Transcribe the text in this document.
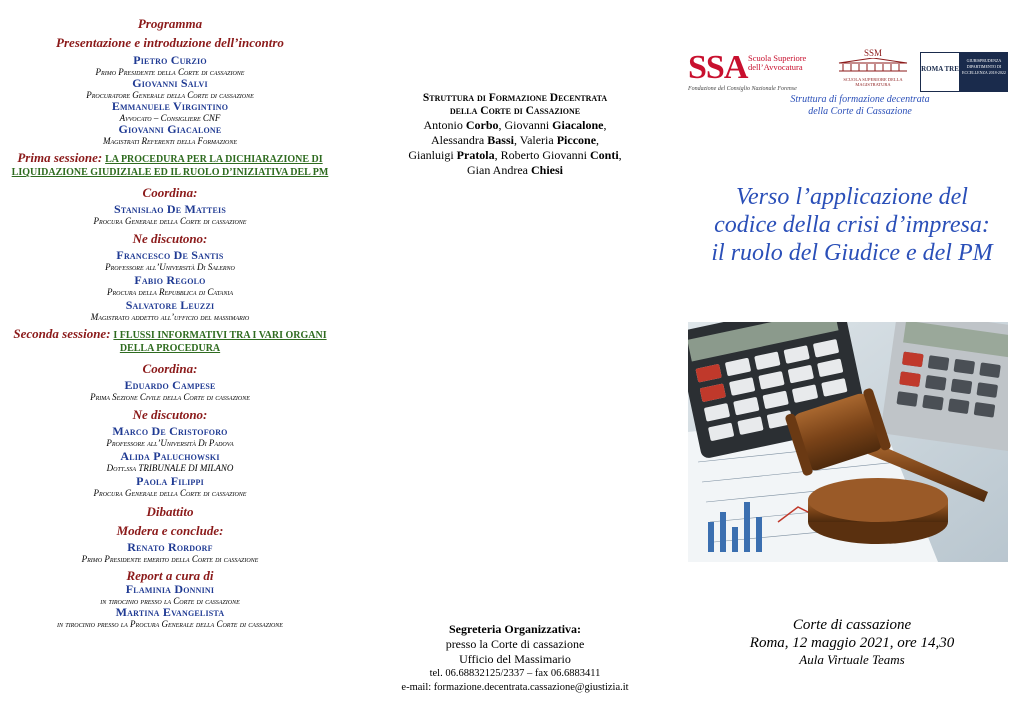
Programma
Presentazione e introduzione dell’incontro
Pietro Curzio
Primo Presidente della Corte di cassazione
Giovanni Salvi
Procuratore Generale della Corte di cassazione
Emmanuele Virgintino
Avvocato – Consigliere CNF
Giovanni Giacalone
Magistrati Referenti della Formazione
Prima sessione: LA PROCEDURA PER LA DICHIARAZIONE DI LIQUIDAZIONE GIUDIZIALE ED IL RUOLO D’INIZIATIVA DEL PM
Coordina:
Stanislao De Matteis
Procura Generale della Corte di cassazione
Ne discutono:
Francesco De Santis
Professore all’Università Di Salerno
Fabio Regolo
Procura della Repubblica di Catania
Salvatore Leuzzi
Magistrato addetto all’ufficio del massimario
Seconda sessione: I FLUSSI INFORMATIVI TRA I VARI ORGANI DELLA PROCEDURA
Coordina:
Eduardo Campese
Prima Sezione Civile della Corte di cassazione
Ne discutono:
Marco De Cristoforo
Professore all’Università Di Padova
Alida Paluchowski
Dott.ssa TRIBUNALE DI MILANO
Paola Filippi
Procura Generale della Corte di cassazione
Dibattito
Modera e conclude:
Renato Rordorf
Primo Presidente emerito della Corte di cassazione
Report a cura di
Flaminia Donnini
in tirocinio presso la Corte di cassazione
Martina Evangelista
in tirocinio presso la Procura Generale della Corte di cassazione
Struttura di Formazione Decentrata
della Corte di Cassazione
Antonio Corbo, Giovanni Giacalone,
Alessandra Bassi, Valeria Piccone,
Gianluigi Pratola, Roberto Giovanni Conti,
Gian Andrea Chiesi
Segreteria Organizzativa:
presso la Corte di cassazione
Ufficio del Massimario
tel. 06.68832125/2337 – fax 06.6883411
e-mail: formazione.decentrata.cassazione@giustizia.it
SSA Scuola Superiore dell’Avvocatura
Fondazione del Consiglio Nazionale Forense
SSM
SCUOLA SUPERIORE DELLA MAGISTRATURA
ROMA TRE
GIURISPRUDENZA DIPARTIMENTO DI ECCELLENZA 2018-2022
Struttura di formazione decentrata
della Corte di Cassazione
Verso l’applicazione del
codice della crisi d’impresa:
il ruolo del Giudice e del PM
Corte di cassazione
Roma, 12 maggio 2021, ore 14,30
Aula Virtuale Teams
